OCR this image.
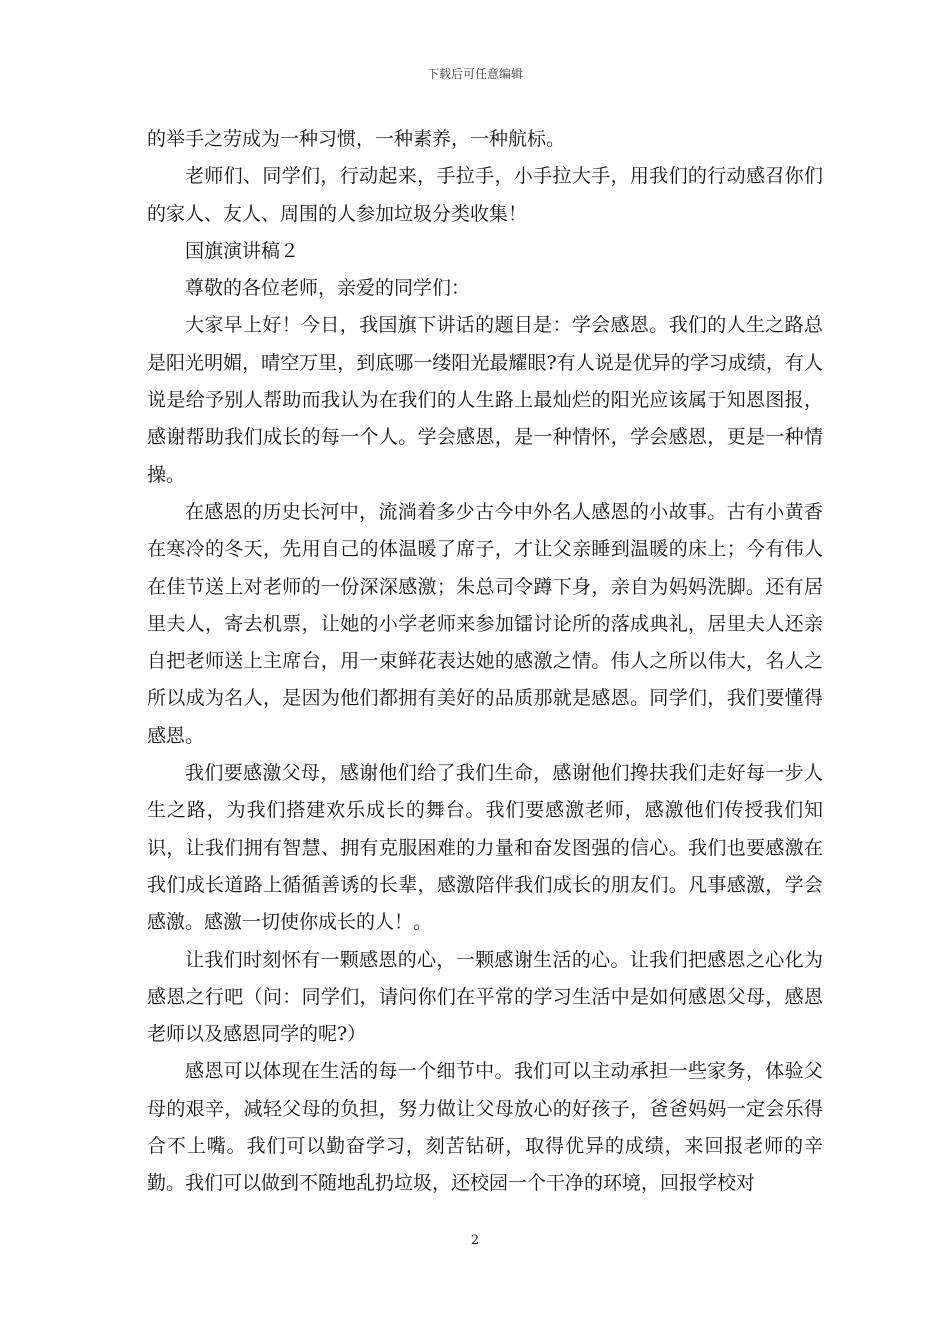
下载后可任意编辑

的举手之劳成为一种习惯，一种素养，一种航标。

老师们、同学们，行动起来，手拉手，小手拉大手，用我们的行动感召你们的家人、友人、周围的人参加垃圾分类收集！

国旗演讲稿２

尊敬的各位老师，亲爱的同学们：

大家早上好！今日，我国旗下讲话的题目是：学会感恩。我们的人生之路总是阳光明媚，晴空万里，到底哪一缕阳光最耀眼?有人说是优异的学习成绩，有人说是给予别人帮助而我认为在我们的人生路上最灿烂的阳光应该属于知恩图报，感谢帮助我们成长的每一个人。学会感恩，是一种情怀，学会感恩，更是一种情操。

在感恩的历史长河中，流淌着多少古今中外名人感恩的小故事。古有小黄香在寒冷的冬天，先用自己的体温暖了席子，才让父亲睡到温暖的床上；今有伟人在佳节送上对老师的一份深深感激；朱总司令蹲下身，亲自为妈妈洗脚。还有居里夫人，寄去机票，让她的小学老师来参加镭讨论所的落成典礼，居里夫人还亲自把老师送上主席台，用一束鲜花表达她的感激之情。伟人之所以伟大，名人之所以成为名人，是因为他们都拥有美好的品质那就是感恩。同学们，我们要懂得感恩。

我们要感激父母，感谢他们给了我们生命，感谢他们搀扶我们走好每一步人生之路，为我们搭建欢乐成长的舞台。我们要感激老师，感激他们传授我们知识，让我们拥有智慧、拥有克服困难的力量和奋发图强的信心。我们也要感激在我们成长道路上循循善诱的长辈，感激陪伴我们成长的朋友们。凡事感激，学会感激。感激一切使你成长的人！。

让我们时刻怀有一颗感恩的心，一颗感谢生活的心。让我们把感恩之心化为感恩之行吧（问：同学们，请问你们在平常的学习生活中是如何感恩父母，感恩老师以及感恩同学的呢?）

感恩可以体现在生活的每一个细节中。我们可以主动承担一些家务，体验父母的艰辛，减轻父母的负担，努力做让父母放心的好孩子，爸爸妈妈一定会乐得合不上嘴。我们可以勤奋学习，刻苦钻研，取得优异的成绩，来回报老师的辛勤。我们可以做到不随地乱扔垃圾，还校园一个干净的环境，回报学校对

2
